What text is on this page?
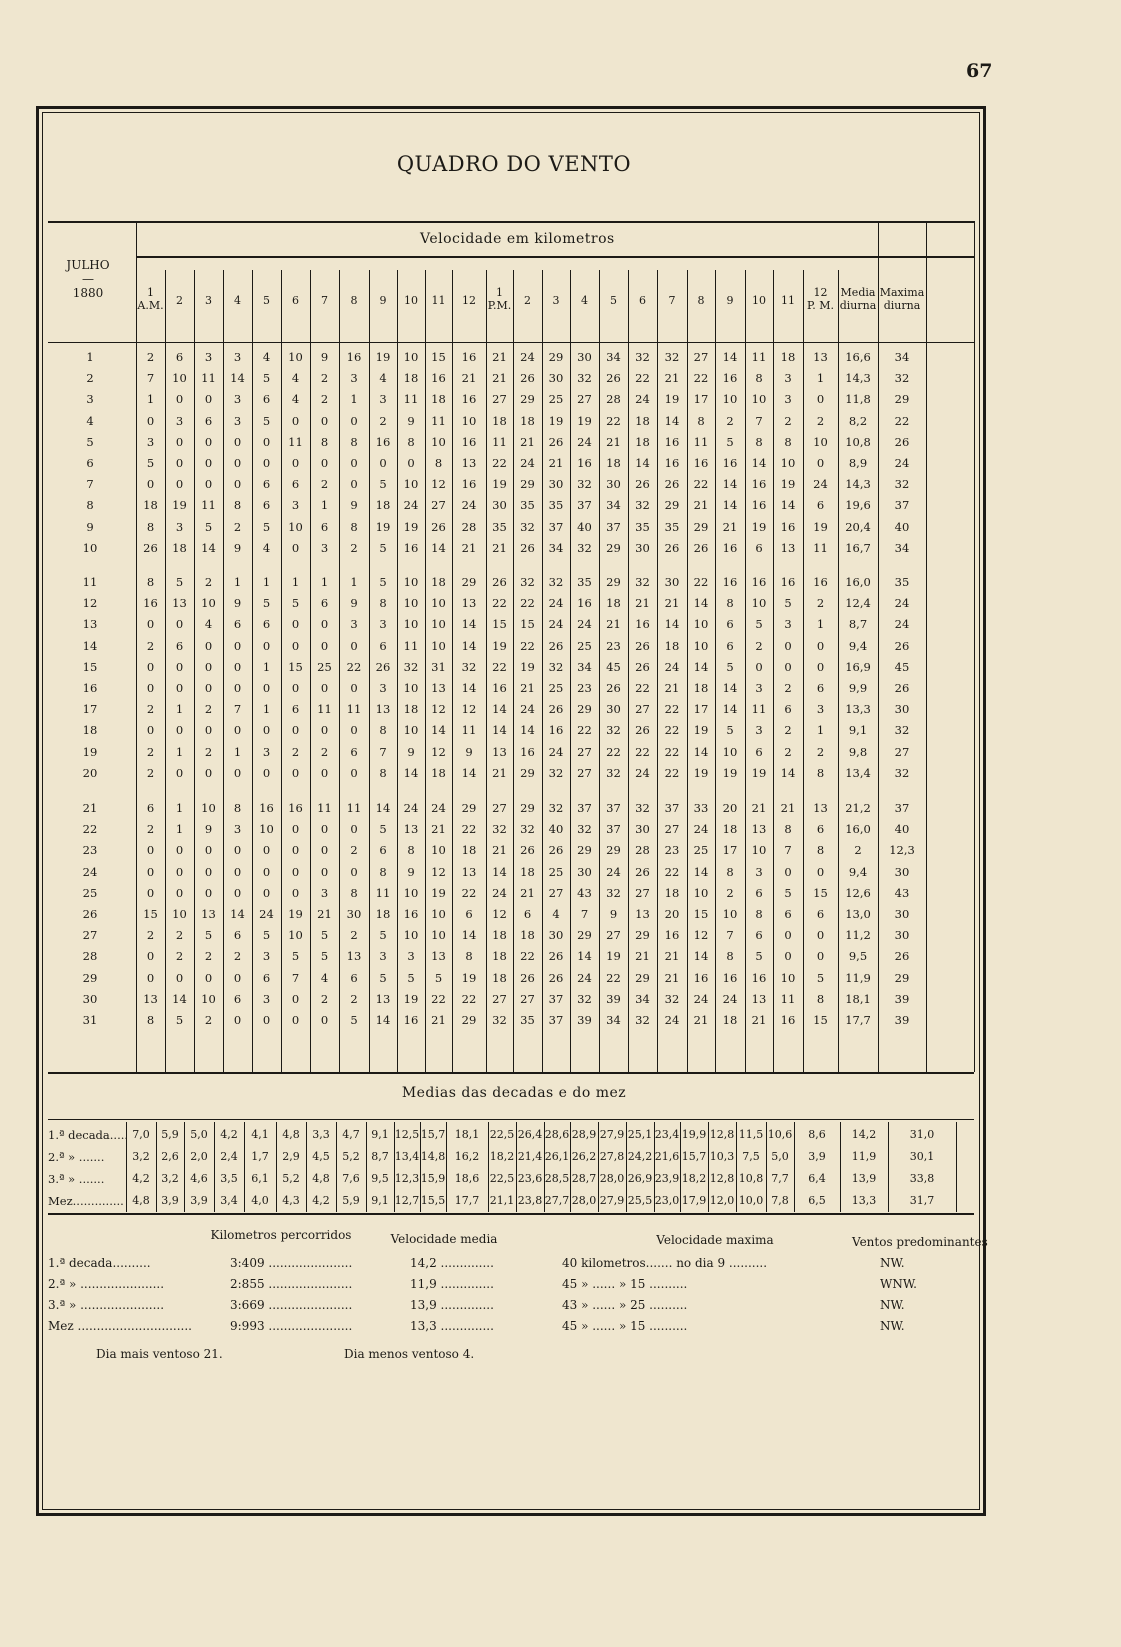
67
QUADRO DO VENTO
Velocidade em kilometros
JULHO
—
1880	1
A.M.	2	3	4	5	6	7	8	9	10	11	12
1
P.M.	2	3	4	5	6	7	8	9	10	11
12
P. M.
Media
diurna
Maxima
diurna
1	2	6	3	3	4	10	9	16	19	10	15	16	21	24	29	30	34	32	32	27	14	11	18	13	16,6	34
2	7	10	11	14	5	4	2	3	4	18	16	21	21	26	30	32	26	22	21	22	16	8	3	1	14,3	32
3	1	0	0	3	6	4	2	1	3	11	18	16	27	29	25	27	28	24	19	17	10	10	3	0	11,8	29
4	0	3	6	3	5	0	0	0	2	9	11	10	18	18	19	19	22	18	14	8	2	7	2	2	8,2	22
5	3	0	0	0	0	11	8	8	16	8	10	16	11	21	26	24	21	18	16	11	5	8	8	10	10,8	26
6	5	0	0	0	0	0	0	0	0	0	8	13	22	24	21	16	18	14	16	16	16	14	10	0	8,9	24
7	0	0	0	0	6	6	2	0	5	10	12	16	19	29	30	32	30	26	26	22	14	16	19	24	14,3	32
8	18	19	11	8	6	3	1	9	18	24	27	24	30	35	35	37	34	32	29	21	14	16	14	6	19,6	37
9	8	3	5	2	5	10	6	8	19	19	26	28	35	32	37	40	37	35	35	29	21	19	16	19	20,4	40
10	26	18	14	9	4	0	3	2	5	16	14	21	21	26	34	32	29	30	26	26	16	6	13	11	16,7	34
11	8	5	2	1	1	1	1	1	5	10	18	29	26	32	32	35	29	32	30	22	16	16	16	16	16,0	35
12	16	13	10	9	5	5	6	9	8	10	10	13	22	22	24	16	18	21	21	14	8	10	5	2	12,4	24
13	0	0	4	6	6	0	0	3	3	10	10	14	15	15	24	24	21	16	14	10	6	5	3	1	8,7	24
14	2	6	0	0	0	0	0	0	6	11	10	14	19	22	26	25	23	26	18	10	6	2	0	0	9,4	26
15	0	0	0	0	1	15	25	22	26	32	31	32	22	19	32	34	45	26	24	14	5	0	0	0	16,9	45
16	0	0	0	0	0	0	0	0	3	10	13	14	16	21	25	23	26	22	21	18	14	3	2	6	9,9	26
17	2	1	2	7	1	6	11	11	13	18	12	12	14	24	26	29	30	27	22	17	14	11	6	3	13,3	30
18	0	0	0	0	0	0	0	0	8	10	14	11	14	14	16	22	32	26	22	19	5	3	2	1	9,1	32
19	2	1	2	1	3	2	2	6	7	9	12	9	13	16	24	27	22	22	22	14	10	6	2	2	9,8	27
20	2	0	0	0	0	0	0	0	8	14	18	14	21	29	32	27	32	24	22	19	19	19	14	8	13,4	32
21	6	1	10	8	16	16	11	11	14	24	24	29	27	29	32	37	37	32	37	33	20	21	21	13	21,2	37
22	2	1	9	3	10	0	0	0	5	13	21	22	32	32	40	32	37	30	27	24	18	13	8	6	16,0	40
23	0	0	0	0	0	0	0	2	6	8	10	18	21	26	26	29	29	28	23	25	17	10	7	8	2	12,3
24	0	0	0	0	0	0	0	0	8	9	12	13	14	18	25	30	24	26	22	14	8	3	0	0	9,4	30
25	0	0	0	0	0	0	3	8	11	10	19	22	24	21	27	43	32	27	18	10	2	6	5	15	12,6	43
26	15	10	13	14	24	19	21	30	18	16	10	6	12	6	4	7	9	13	20	15	10	8	6	6	13,0	30
27	2	2	5	6	5	10	5	2	5	10	10	14	18	18	30	29	27	29	16	12	7	6	0	0	11,2	30
28	0	2	2	2	3	5	5	13	3	3	13	8	18	22	26	14	19	21	21	14	8	5	0	0	9,5	26
29	0	0	0	0	6	7	4	6	5	5	5	19	18	26	26	24	22	29	21	16	16	16	10	5	11,9	29
30	13	14	10	6	3	0	2	2	13	19	22	22	27	27	37	32	39	34	32	24	24	13	11	8	18,1	39
31	8	5	2	0	0	0	0	5	14	16	21	29	32	35	37	39	34	32	24	21	18	21	16	15	17,7	39
Medias das decadas e do mez
1.ª decada..... 7,0	5,9	5,0	4,2	4,1	4,8	3,3	4,7	9,1 12,5 15,7 18,1 22,5 26,4 28,6 28,9 27,9 25,1 23,4 19,9 12,8 11,5 10,6	8,6	14,2	31,0
2.ª » .......	3,2	2,6	2,0	2,4	1,7	2,9	4,5	5,2	8,7 13,4 14,8 16,2 18,2 21,4 26,1 26,2 27,8 24,2 21,6 15,7 10,3 7,5	5,0	3,9	11,9	30,1
3.ª » .......	4,2	3,2	4,6	3,5	6,1	5,2	4,8	7,6	9,5 12,3 15,9 18,6 22,5 23,6 28,5 28,7 28,0 26,9 23,9 18,2 12,8 10,8 7,7	6,4	13,9	33,8
Mez.............. 4,8	3,9	3,9	3,4	4,0	4,3	4,2	5,9	9,1 12,7 15,5 17,7 21,1 23,8 27,7 28,0 27,9 25,5 23,0 17,9 12,0 10,0 7,8	6,5	13,3	31,7
Kilometros percorridos	Velocidade media	Velocidade maxima	Ventos predominantes
1.ª decada..........	3:409 ......................	14,2 ..............	40 kilometros....... no dia 9 ..........	NW.
2.ª » ......................	2:855 ......................	11,9 ..............	45 » ...... » 15 ..........	WNW.
3.ª » ......................	3:669 ......................	13,9 ..............	43 » ...... » 25 ..........	NW.
Mez ..............................	9:993 ......................	13,3 ..............	45 » ...... » 15 ..........	NW.
Dia mais ventoso 21.	Dia menos ventoso 4.
